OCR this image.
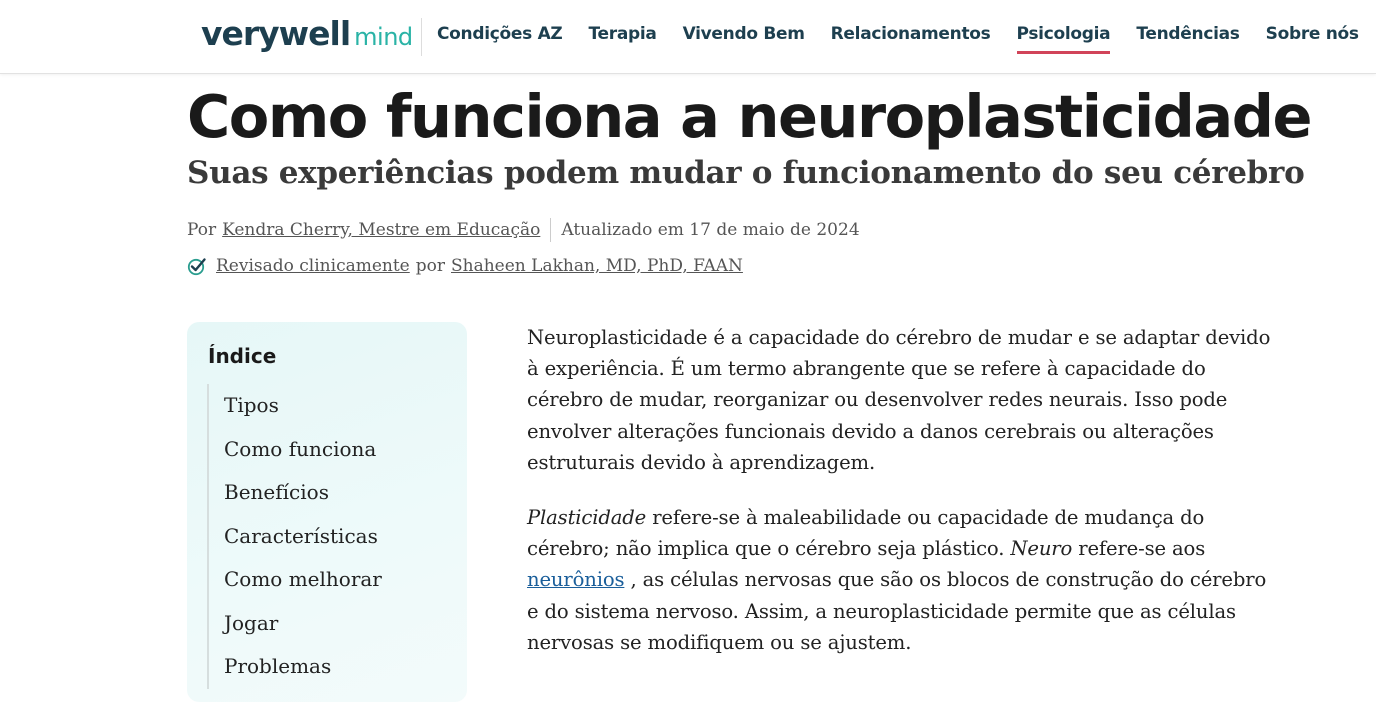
verywell mind Condições AZ Terapia Vivendo Bem Relacionamentos Psicologia Tendências Sobre nós
Como funciona a neuroplasticidade
Suas experiências podem mudar o funcionamento do seu cérebro
Por Kendra Cherry, Mestre em Educação Atualizado em 17 de maio de 2024
Revisado clinicamente por Shaheen Lakhan, MD, PhD, FAAN
Índice
Tipos
Como funciona
Benefícios
Características
Como melhorar
Jogar
Problemas
Neuroplasticidade é a capacidade do cérebro de mudar e se adaptar devido
à experiência. É um termo abrangente que se refere à capacidade do
cérebro de mudar, reorganizar ou desenvolver redes neurais. Isso pode
envolver alterações funcionais devido a danos cerebrais ou alterações
estruturais devido à aprendizagem.
Plasticidade refere-se à maleabilidade ou capacidade de mudança do
cérebro; não implica que o cérebro seja plástico. Neuro refere-se aos
neurônios , as células nervosas que são os blocos de construção do cérebro
e do sistema nervoso. Assim, a neuroplasticidade permite que as células
nervosas se modifiquem ou se ajustem.
